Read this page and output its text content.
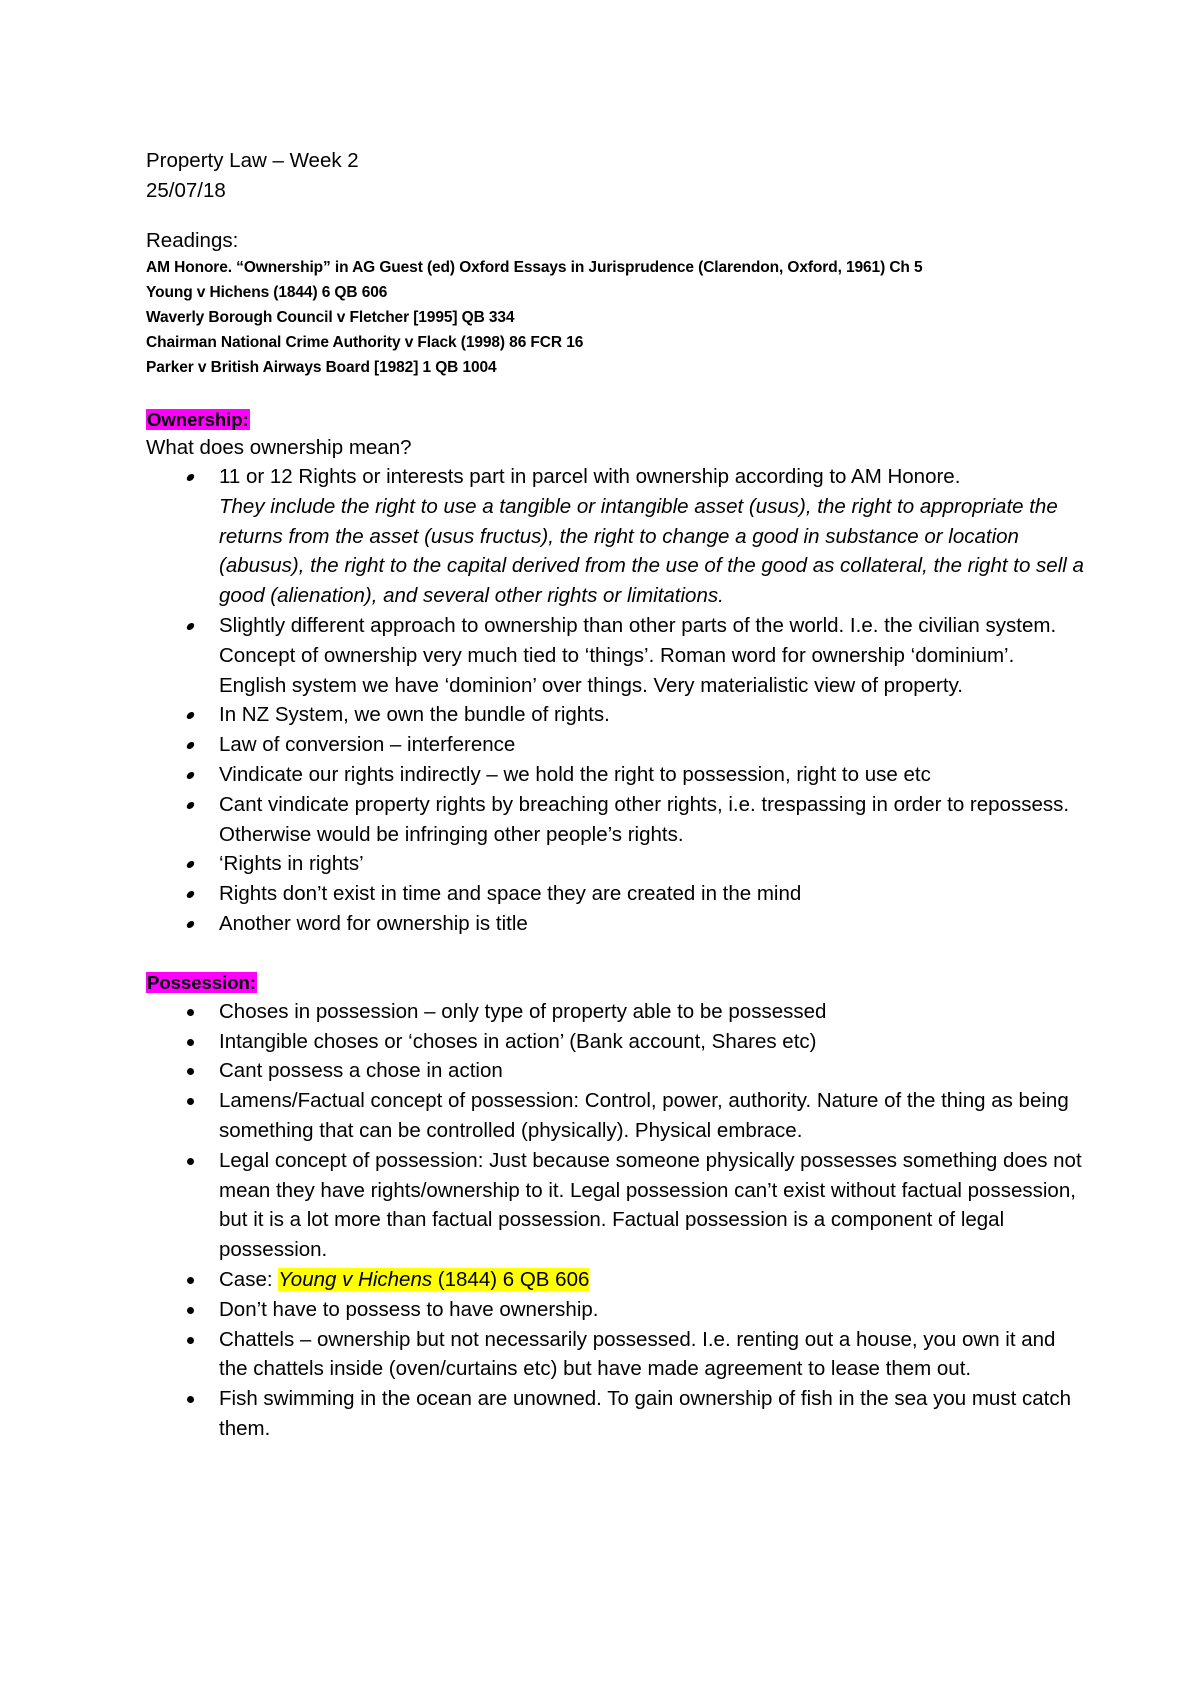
Property Law – Week 2
25/07/18
Readings:
AM Honore. “Ownership” in AG Guest (ed) Oxford Essays in Jurisprudence (Clarendon, Oxford, 1961) Ch 5
Young v Hichens (1844) 6 QB 606
Waverly Borough Council v Fletcher [1995] QB 334
Chairman National Crime Authority v Flack (1998) 86 FCR 16
Parker v British Airways Board [1982] 1 QB 1004
Ownership:
What does ownership mean?
11 or 12 Rights or interests part in parcel with ownership according to AM Honore.
They include the right to use a tangible or intangible asset (usus), the right to appropriate the returns from the asset (usus fructus), the right to change a good in substance or location (abusus), the right to the capital derived from the use of the good as collateral, the right to sell a good (alienation), and several other rights or limitations.
Slightly different approach to ownership than other parts of the world. I.e. the civilian system. Concept of ownership very much tied to ‘things’. Roman word for ownership ‘dominium’. English system we have ‘dominion’ over things. Very materialistic view of property.
In NZ System, we own the bundle of rights.
Law of conversion – interference
Vindicate our rights indirectly – we hold the right to possession, right to use etc
Cant vindicate property rights by breaching other rights, i.e. trespassing in order to repossess. Otherwise would be infringing other people’s rights.
‘Rights in rights’
Rights don’t exist in time and space they are created in the mind
Another word for ownership is title
Possession:
Choses in possession – only type of property able to be possessed
Intangible choses or ‘choses in action’ (Bank account, Shares etc)
Cant possess a chose in action
Lamens/Factual concept of possession: Control, power, authority. Nature of the thing as being something that can be controlled (physically). Physical embrace.
Legal concept of possession: Just because someone physically possesses something does not mean they have rights/ownership to it. Legal possession can’t exist without factual possession, but it is a lot more than factual possession. Factual possession is a component of legal possession.
Case: Young v Hichens (1844) 6 QB 606
Don’t have to possess to have ownership.
Chattels – ownership but not necessarily possessed. I.e. renting out a house, you own it and the chattels inside (oven/curtains etc) but have made agreement to lease them out.
Fish swimming in the ocean are unowned. To gain ownership of fish in the sea you must catch them.
